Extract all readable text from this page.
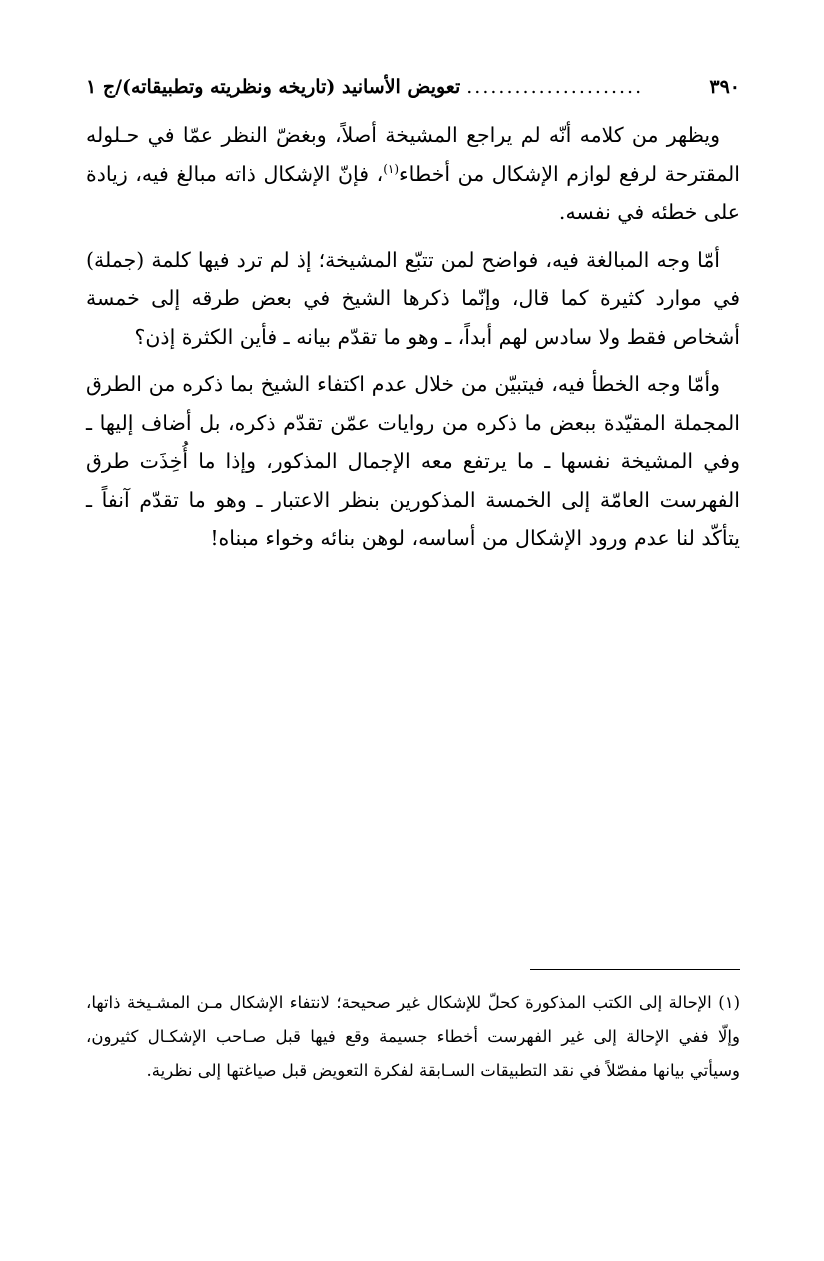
٣٩٠
......................
تعويض الأسانيد (تاريخه ونظريته وتطبيقاته)/ج ١

ويظهر من كلامه أنّه لم يراجع المشيخة أصلاً، وبغضّ النظر عمّا في حـلوله المقترحة لرفع لوازم الإشكال من أخطاء$^{(١)}$، فإنّ الإشكال ذاته مبالغ فيه، زيادة على خطئه في نفسه.

أمّا وجه المبالغة فيه، فواضح لمن تتبّع المشيخة؛ إذ لم ترد فيها كلمة (جملة) في موارد كثيرة كما قال، وإنّما ذكرها الشيخ في بعض طرقه إلى خمسة أشخاص فقط ولا سادس لهم أبداً، ـ وهو ما تقدّم بيانه ـ فأين الكثرة إذن؟

وأمّا وجه الخطأ فيه، فيتبيّن من خلال عدم اكتفاء الشيخ بما ذكره من الطرق المجملة المقيّدة ببعض ما ذكره من روايات عمّن تقدّم ذكره، بل أضاف إليها ـ وفي المشيخة نفسها ـ ما يرتفع معه الإجمال المذكور، وإذا ما أُخِذَت طرق الفهرست العامّة إلى الخمسة المذكورين بنظر الاعتبار ـ وهو ما تقدّم آنفاً ـ يتأكّد لنا عدم ورود الإشكال من أساسه، لوهن بنائه وخواء مبناه!

(١) الإحالة إلى الكتب المذكورة كحلّ للإشكال غير صحيحة؛ لانتفاء الإشكال مـن المشـيخة ذاتها، وإلّا ففي الإحالة إلى غير الفهرست أخطاء جسيمة وقع فيها قبل صـاحب الإشكـال كثيرون، وسيأتي بيانها مفصّلاً في نقد التطبيقات السـابقة لفكرة التعويض قبل صياغتها إلى نظرية.
